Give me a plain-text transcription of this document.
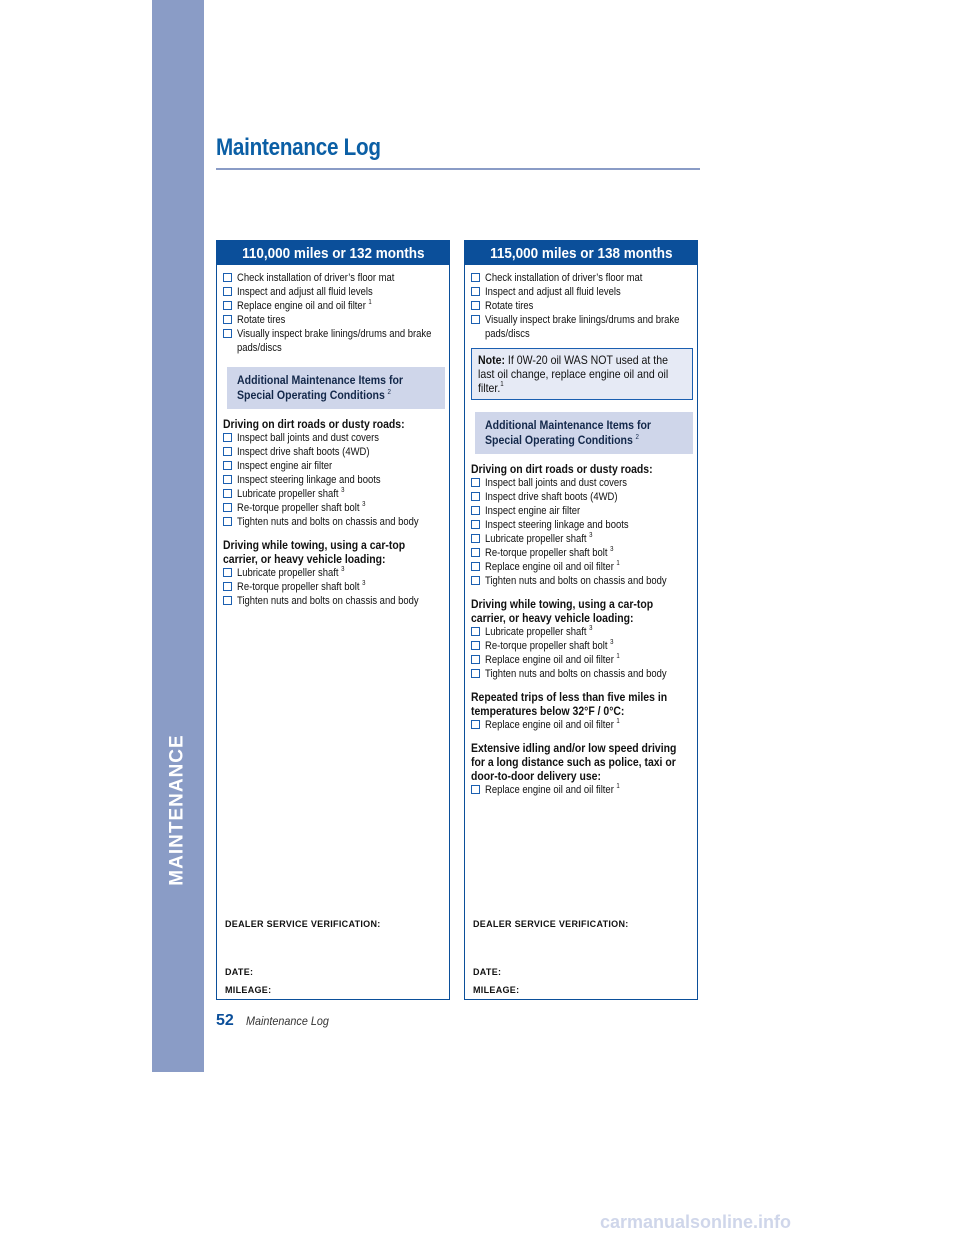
MAINTENANCE
Maintenance Log
110,000 miles or 132 months
Check installation of driver’s floor mat
Inspect and adjust all fluid levels
Replace engine oil and oil filter $^1$
Rotate tires
Visually inspect brake linings/drums and brake pads/discs
Additional Maintenance Items for
Special Operating Conditions $^2$
Driving on dirt roads or dusty roads:
Inspect ball joints and dust covers
Inspect drive shaft boots (4WD)
Inspect engine air filter
Inspect steering linkage and boots
Lubricate propeller shaft $^3$
Re-torque propeller shaft bolt $^3$
Tighten nuts and bolts on chassis and body
Driving while towing, using a car-top carrier, or heavy vehicle loading:
Lubricate propeller shaft $^3$
Re-torque propeller shaft bolt $^3$
Tighten nuts and bolts on chassis and body
DEALER SERVICE VERIFICATION:
DATE:
MILEAGE:
115,000 miles or 138 months
Check installation of driver’s floor mat
Inspect and adjust all fluid levels
Rotate tires
Visually inspect brake linings/drums and brake pads/discs
Note: If 0W-20 oil WAS NOT used at the last oil change, replace engine oil and oil filter.$^1$
Additional Maintenance Items for
Special Operating Conditions $^2$
Driving on dirt roads or dusty roads:
Inspect ball joints and dust covers
Inspect drive shaft boots (4WD)
Inspect engine air filter
Inspect steering linkage and boots
Lubricate propeller shaft $^3$
Re-torque propeller shaft bolt $^3$
Replace engine oil and oil filter $^1$
Tighten nuts and bolts on chassis and body
Driving while towing, using a car-top carrier, or heavy vehicle loading:
Lubricate propeller shaft $^3$
Re-torque propeller shaft bolt $^3$
Replace engine oil and oil filter $^1$
Tighten nuts and bolts on chassis and body
Repeated trips of less than five miles in temperatures below 32°F / 0°C:
Replace engine oil and oil filter $^1$
Extensive idling and/or low speed driving for a long distance such as police, taxi or door-to-door delivery use:
Replace engine oil and oil filter $^1$
DEALER SERVICE VERIFICATION:
DATE:
MILEAGE:
52 Maintenance Log
carmanualsonline.info
